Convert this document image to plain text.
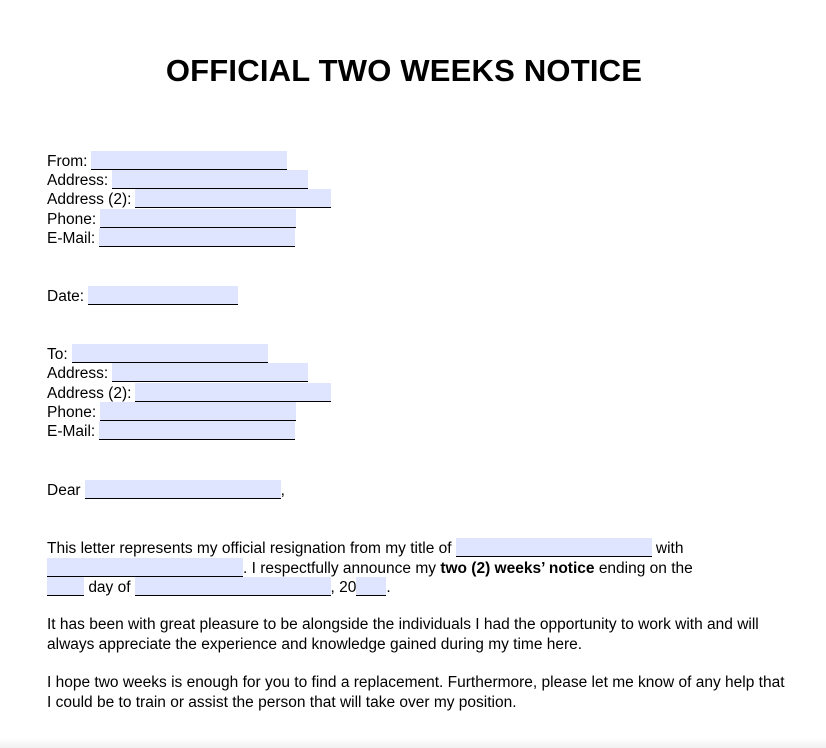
OFFICIAL TWO WEEKS NOTICE
From:
Address:
Address (2):
Phone:
E-Mail:
Date:
To:
Address:
Address (2):
Phone:
E-Mail:
Dear	,
This letter represents my official resignation from my title of	with
. I respectfully announce my two (2) weeks’ notice ending on the
day of	, 20 .
It has been with great pleasure to be alongside the individuals I had the opportunity to work with and will always appreciate the experience and knowledge gained during my time here.
I hope two weeks is enough for you to find a replacement. Furthermore, please let me know of any help that I could be to train or assist the person that will take over my position.
